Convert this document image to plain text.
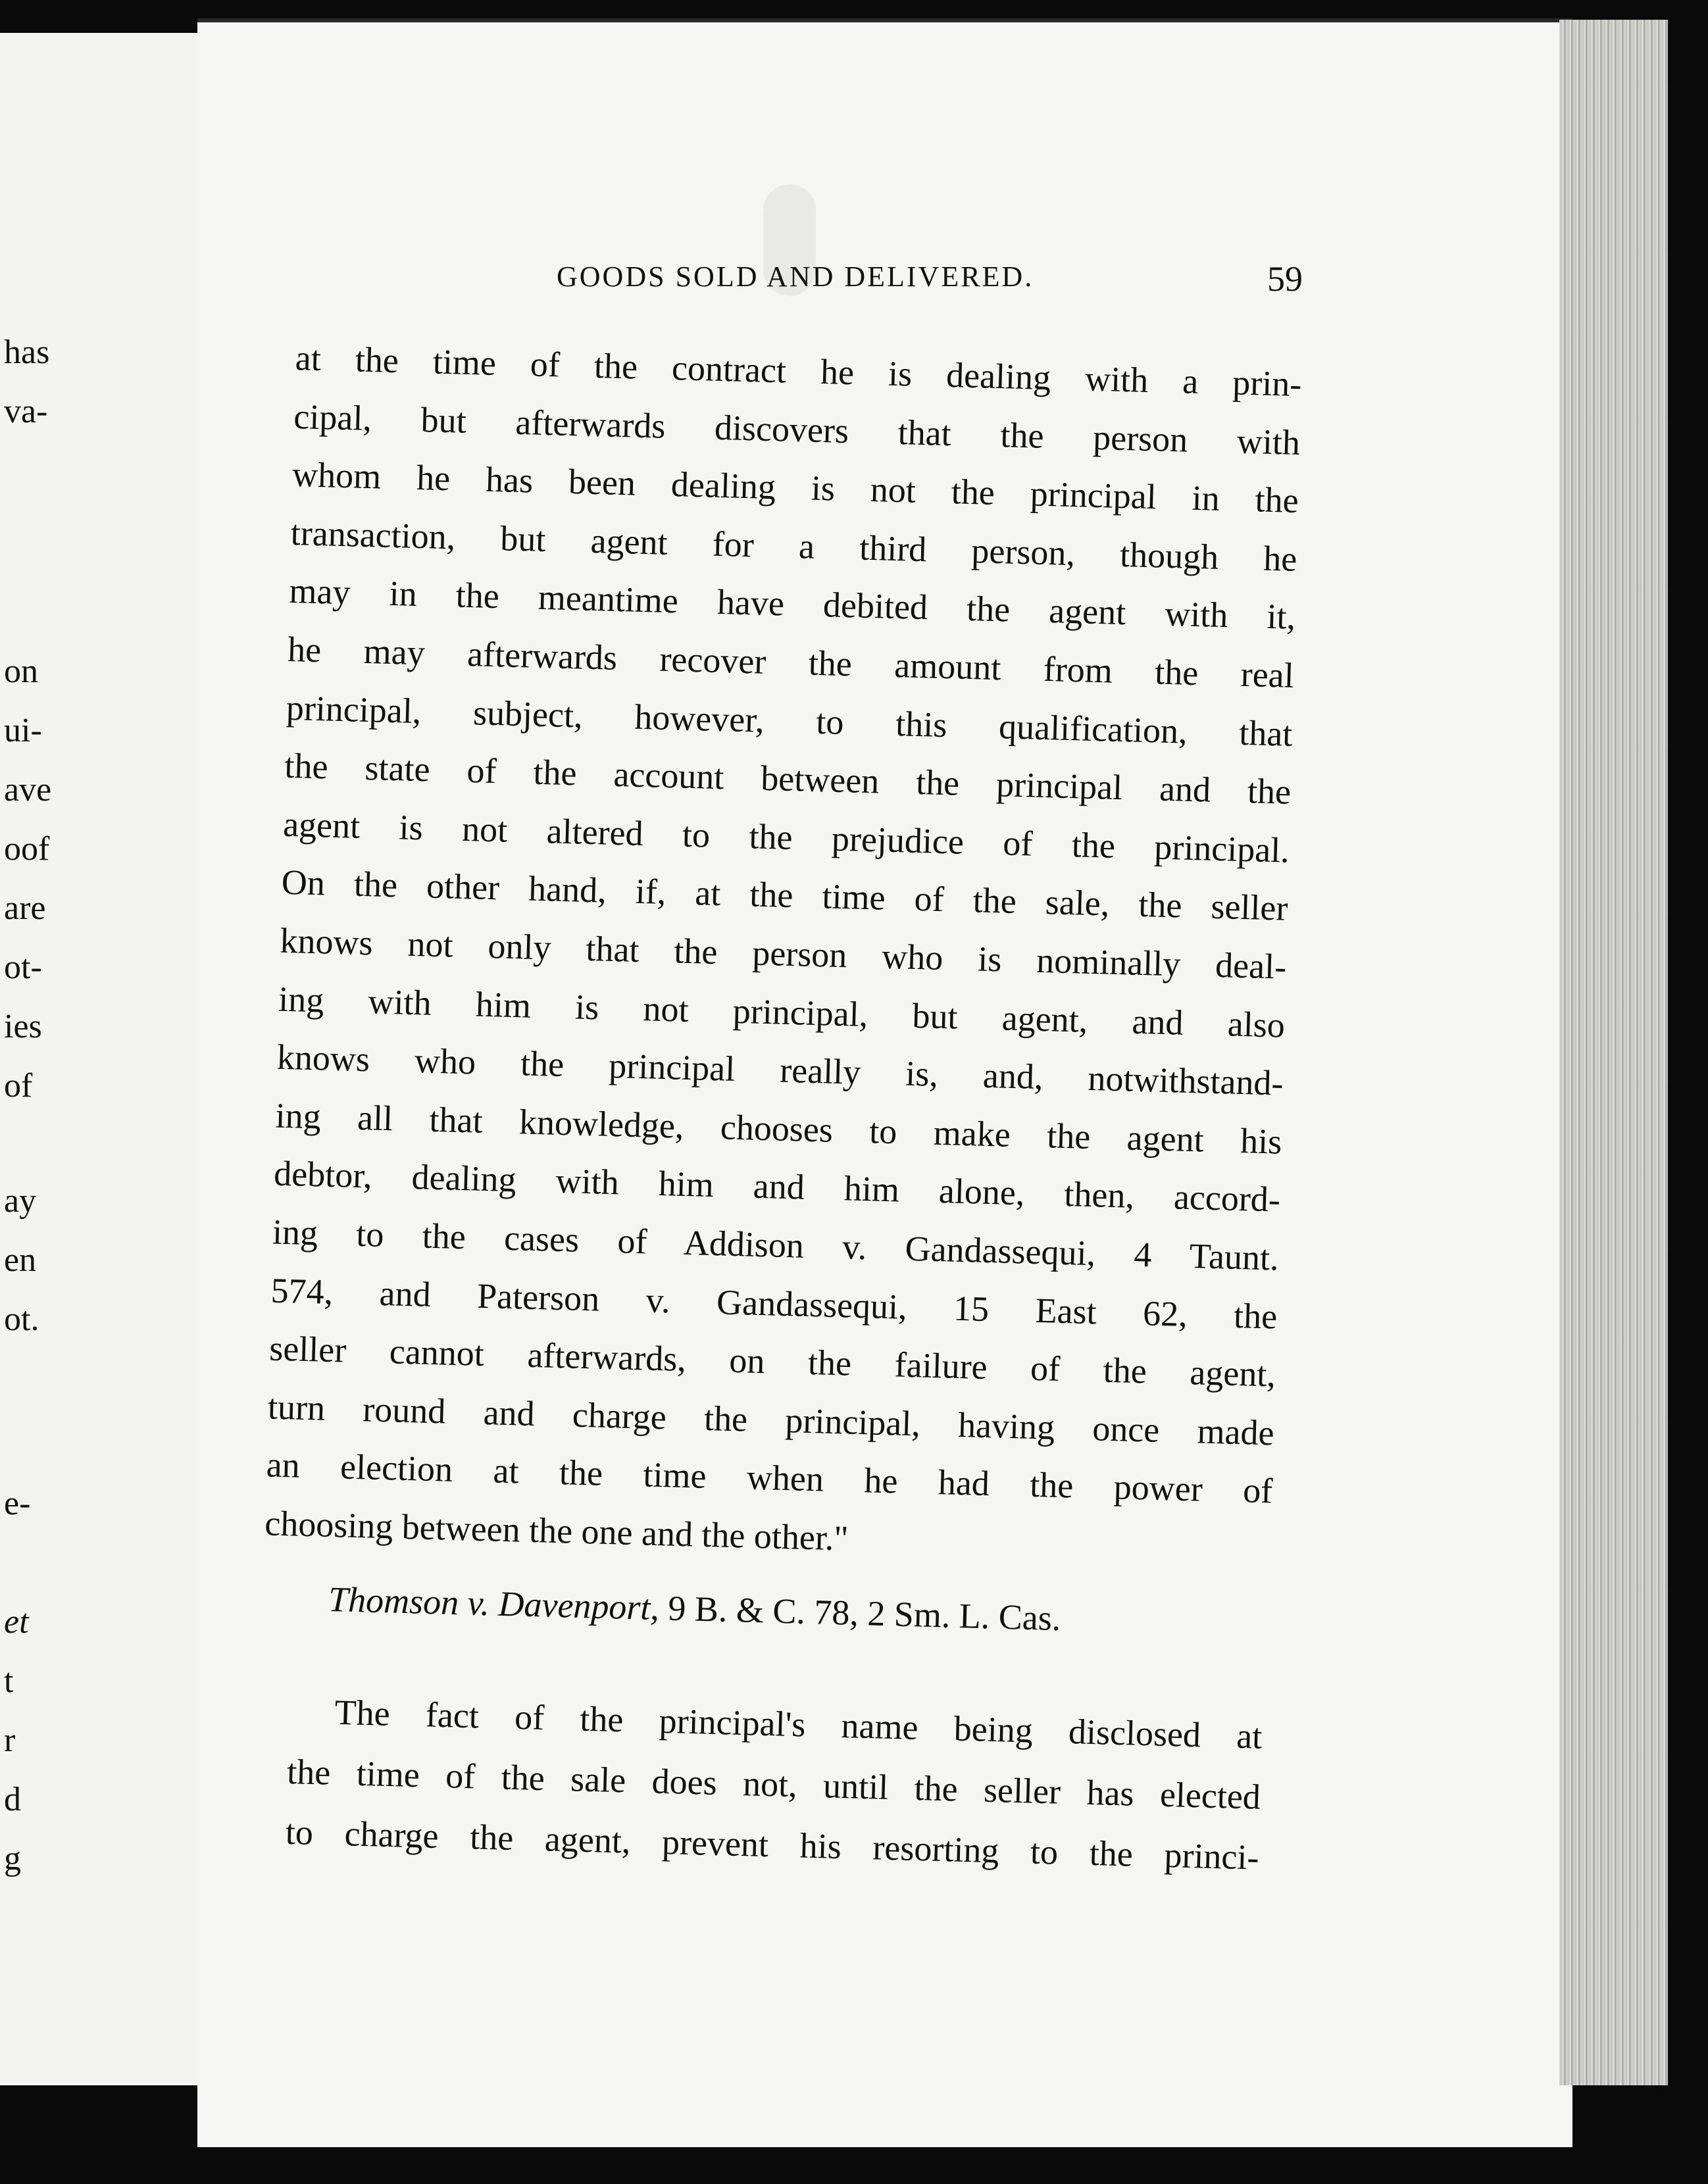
has
va-
on
ui-
ave
oof
are
ot-
ies
of
ay
en
ot.
e-
et
t
r
d
g
GOODS SOLD AND DELIVERED.	59
at the time of the contract he is dealing with a prin-
cipal, but afterwards discovers that the person with
whom he has been dealing is not the principal in the
transaction, but agent for a third person, though he
may in the meantime have debited the agent with it,
he may afterwards recover the amount from the real
principal, subject, however, to this qualification, that
the state of the account between the principal and the
agent is not altered to the prejudice of the principal.
On the other hand, if, at the time of the sale, the seller
knows not only that the person who is nominally deal-
ing with him is not principal, but agent, and also
knows who the principal really is, and, notwithstand-
ing all that knowledge, chooses to make the agent his
debtor, dealing with him and him alone, then, accord-
ing to the cases of Addison v. Gandassequi, 4 Taunt.
574, and Paterson v. Gandassequi, 15 East 62, the
seller cannot afterwards, on the failure of the agent,
turn round and charge the principal, having once made
an election at the time when he had the power of
choosing between the one and the other."
Thomson v. Davenport, 9 B. & C. 78, 2 Sm. L. Cas.
The fact of the principal's name being disclosed at
the time of the sale does not, until the seller has elected
to charge the agent, prevent his resorting to the princi-
